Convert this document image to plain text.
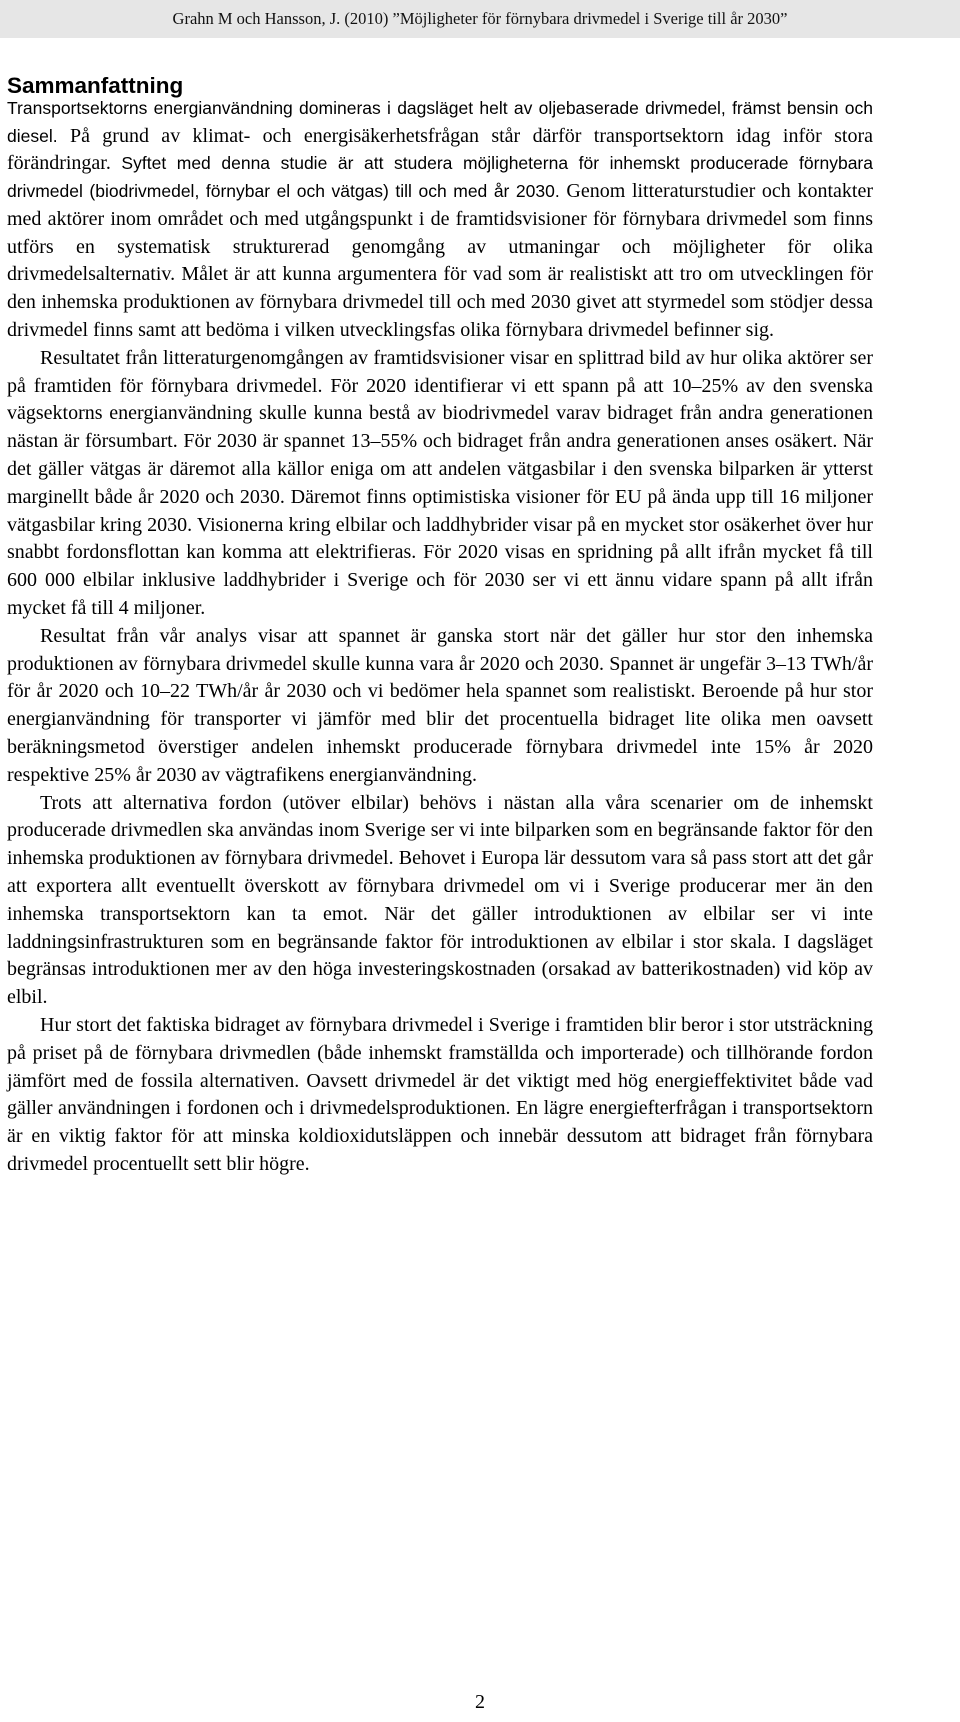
Grahn M och Hansson, J. (2010) ”Möjligheter för förnybara drivmedel i Sverige till år 2030”
Sammanfattning

Transportsektorns energianvändning domineras i dagsläget helt av oljebaserade drivmedel, främst bensin och diesel. På grund av klimat- och energisäkerhetsfrågan står därför transportsektorn idag inför stora förändringar. Syftet med denna studie är att studera möjligheterna för inhemskt producerade förnybara drivmedel (biodrivmedel, förnybar el och vätgas) till och med år 2030. Genom litteraturstudier och kontakter med aktörer inom området och med utgångspunkt i de framtidsvisioner för förnybara drivmedel som finns utförs en systematisk strukturerad genomgång av utmaningar och möjligheter för olika drivmedelsalternativ. Målet är att kunna argumentera för vad som är realistiskt att tro om utvecklingen för den inhemska produktionen av förnybara drivmedel till och med 2030 givet att styrmedel som stödjer dessa drivmedel finns samt att bedöma i vilken utvecklingsfas olika förnybara drivmedel befinner sig.

Resultatet från litteraturgenomgången av framtidsvisioner visar en splittrad bild av hur olika aktörer ser på framtiden för förnybara drivmedel. För 2020 identifierar vi ett spann på att 10–25% av den svenska vägsektorns energianvändning skulle kunna bestå av biodrivmedel varav bidraget från andra generationen nästan är försumbart. För 2030 är spannet 13–55% och bidraget från andra generationen anses osäkert. När det gäller vätgas är däremot alla källor eniga om att andelen vätgasbilar i den svenska bilparken är ytterst marginellt både år 2020 och 2030. Däremot finns optimistiska visioner för EU på ända upp till 16 miljoner vätgasbilar kring 2030. Visionerna kring elbilar och laddhybrider visar på en mycket stor osäkerhet över hur snabbt fordonsflottan kan komma att elektrifieras. För 2020 visas en spridning på allt ifrån mycket få till 600 000 elbilar inklusive laddhybrider i Sverige och för 2030 ser vi ett ännu vidare spann på allt ifrån mycket få till 4 miljoner.

Resultat från vår analys visar att spannet är ganska stort när det gäller hur stor den inhemska produktionen av förnybara drivmedel skulle kunna vara år 2020 och 2030. Spannet är ungefär 3–13 TWh/år för år 2020 och 10–22 TWh/år år 2030 och vi bedömer hela spannet som realistiskt. Beroende på hur stor energianvändning för transporter vi jämför med blir det procentuella bidraget lite olika men oavsett beräkningsmetod överstiger andelen inhemskt producerade förnybara drivmedel inte 15% år 2020 respektive 25% år 2030 av vägtrafikens energianvändning.

Trots att alternativa fordon (utöver elbilar) behövs i nästan alla våra scenarier om de inhemskt producerade drivmedlen ska användas inom Sverige ser vi inte bilparken som en begränsande faktor för den inhemska produktionen av förnybara drivmedel. Behovet i Europa lär dessutom vara så pass stort att det går att exportera allt eventuellt överskott av förnybara drivmedel om vi i Sverige producerar mer än den inhemska transportsektorn kan ta emot. När det gäller introduktionen av elbilar ser vi inte laddningsinfrastrukturen som en begränsande faktor för introduktionen av elbilar i stor skala. I dagsläget begränsas introduktionen mer av den höga investeringskostnaden (orsakad av batterikostnaden) vid köp av elbil.

Hur stort det faktiska bidraget av förnybara drivmedel i Sverige i framtiden blir beror i stor utsträckning på priset på de förnybara drivmedlen (både inhemskt framställda och importerade) och tillhörande fordon jämfört med de fossila alternativen. Oavsett drivmedel är det viktigt med hög energieffektivitet både vad gäller användningen i fordonen och i drivmedelsproduktionen. En lägre energiefterfrågan i transportsektorn är en viktig faktor för att minska koldioxidutsläppen och innebär dessutom att bidraget från förnybara drivmedel procentuellt sett blir högre.

2
